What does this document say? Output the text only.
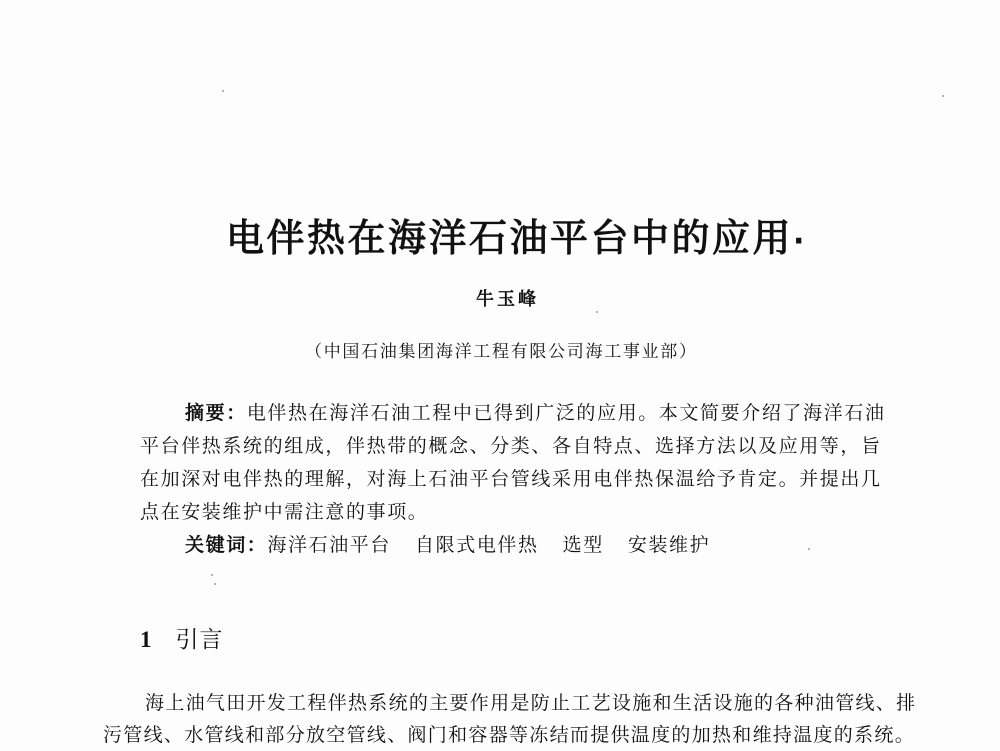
电伴热在海洋石油平台中的应用·
牛玉峰
（中国石油集团海洋工程有限公司海工事业部）
摘要：电伴热在海洋石油工程中已得到广泛的应用。本文简要介绍了海洋石油
平台伴热系统的组成，伴热带的概念、分类、各自特点、选择方法以及应用等，旨
在加深对电伴热的理解，对海上石油平台管线采用电伴热保温给予肯定。并提出几
点在安装维护中需注意的事项。
关键词：海洋石油平台 自限式电伴热 选型 安装维护
1 引言
海上油气田开发工程伴热系统的主要作用是防止工艺设施和生活设施的各种油管线、排
污管线、水管线和部分放空管线、阀门和容器等冻结而提供温度的加热和维持温度的系统。
